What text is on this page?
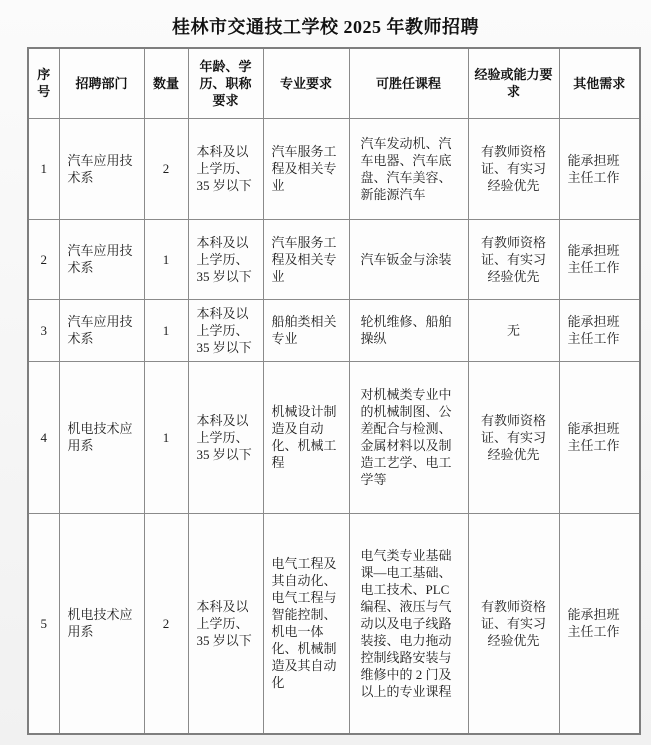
桂林市交通技工学校 2025 年教师招聘
序号	招聘部门	数量	年龄、学历、职称要求	专业要求	可胜任课程	经验或能力要求	其他需求
1	汽车应用技术系	2	本科及以上学历、35 岁以下	汽车服务工程及相关专业	汽车发动机、汽车电器、汽车底盘、汽车美容、新能源汽车	有教师资格证、有实习经验优先	能承担班主任工作
2	汽车应用技术系	1	本科及以上学历、35 岁以下	汽车服务工程及相关专业	汽车钣金与涂装	有教师资格证、有实习经验优先	能承担班主任工作
3	汽车应用技术系	1	本科及以上学历、35 岁以下	船舶类相关专业	轮机维修、船舶操纵	无	能承担班主任工作
4	机电技术应用系	1	本科及以上学历、35 岁以下	机械设计制造及自动化、机械工程	对机械类专业中的机械制图、公差配合与检测、金属材料以及制造工艺学、电工学等	有教师资格证、有实习经验优先	能承担班主任工作
5	机电技术应用系	2	本科及以上学历、35 岁以下	电气工程及其自动化、电气工程与智能控制、机电一体化、机械制造及其自动化	电气类专业基础课—电工基础、电工技术、PLC 编程、液压与气动以及电子线路装接、电力拖动控制线路安装与维修中的 2 门及以上的专业课程	有教师资格证、有实习经验优先	能承担班主任工作
